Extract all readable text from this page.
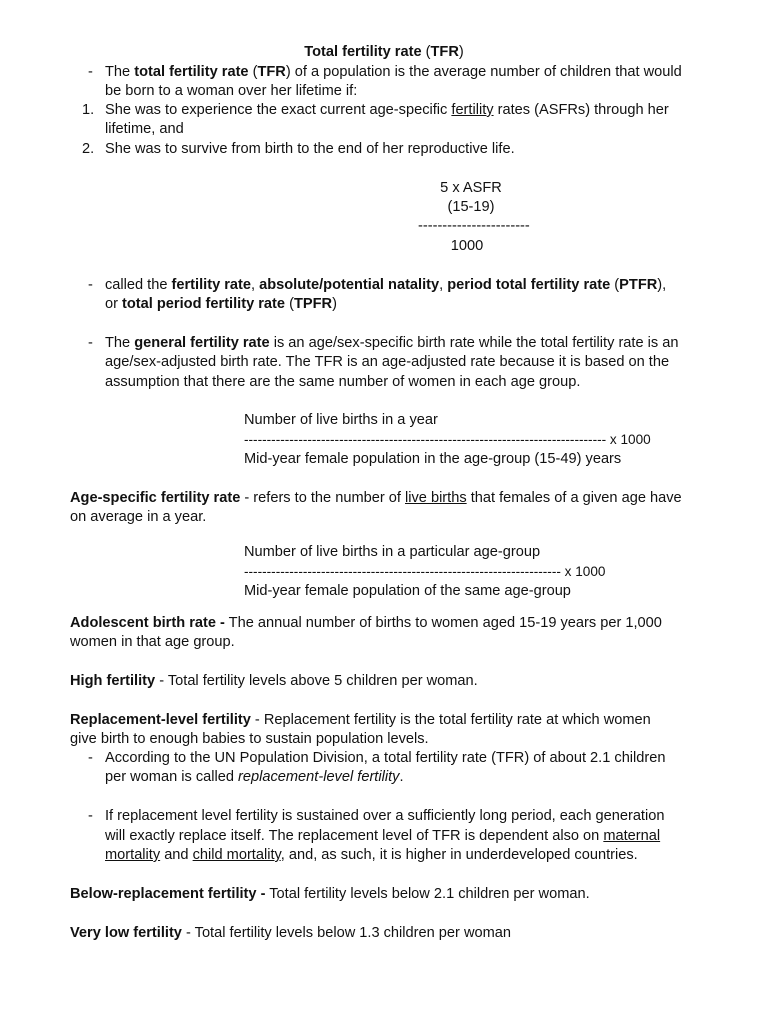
Total fertility rate (TFR)
- The total fertility rate (TFR) of a population is the average number of children that would
be born to a woman over her lifetime if:
1. She was to experience the exact current age-specific fertility rates (ASFRs) through her
lifetime, and
2. She was to survive from birth to the end of her reproductive life.
5 x ASFR
(15-19)
-----------------------
1000
- called the fertility rate, absolute/potential natality, period total fertility rate (PTFR),
or total period fertility rate (TPFR)
- The general fertility rate is an age/sex-specific birth rate while the total fertility rate is an
age/sex-adjusted birth rate. The TFR is an age-adjusted rate because it is based on the
assumption that there are the same number of women in each age group.
Number of live births in a year
-------------------------------------------------------------------------------- x 1000
Mid-year female population in the age-group (15-49) years
Age-specific fertility rate - refers to the number of live births that females of a given age have
on average in a year.
Number of live births in a particular age-group
---------------------------------------------------------------------- x 1000
Mid-year female population of the same age-group
Adolescent birth rate - The annual number of births to women aged 15-19 years per 1,000
women in that age group.
High fertility - Total fertility levels above 5 children per woman.
Replacement-level fertility - Replacement fertility is the total fertility rate at which women
give birth to enough babies to sustain population levels.
- According to the UN Population Division, a total fertility rate (TFR) of about 2.1 children
per woman is called replacement-level fertility.
- If replacement level fertility is sustained over a sufficiently long period, each generation
will exactly replace itself. The replacement level of TFR is dependent also on maternal
mortality and child mortality, and, as such, it is higher in underdeveloped countries.
Below-replacement fertility - Total fertility levels below 2.1 children per woman.
Very low fertility - Total fertility levels below 1.3 children per woman
